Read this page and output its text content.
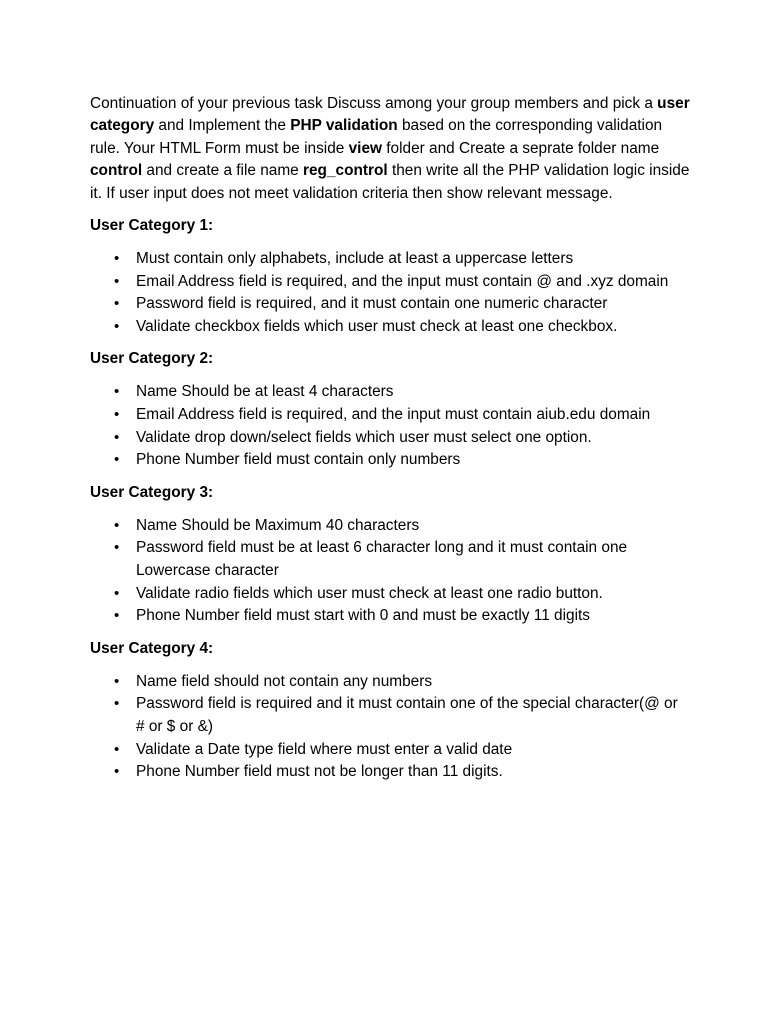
Continuation of your previous task Discuss among your group members and pick a user category and Implement the PHP validation based on the corresponding validation rule. Your HTML Form must be inside view folder and Create a seprate folder name control and create a file name reg_control then write all the PHP validation logic inside it. If user input does not meet validation criteria then show relevant message.

User Category 1:
• Must contain only alphabets, include at least a uppercase letters
• Email Address field is required, and the input must contain @ and .xyz domain
• Password field is required, and it must contain one numeric character
• Validate checkbox fields which user must check at least one checkbox.
User Category 2:
• Name Should be at least 4 characters
• Email Address field is required, and the input must contain aiub.edu domain
• Validate drop down/select fields which user must select one option.
• Phone Number field must contain only numbers
User Category 3:
• Name Should be Maximum 40 characters
• Password field must be at least 6 character long and it must contain one Lowercase character
• Validate radio fields which user must check at least one radio button.
• Phone Number field must start with 0 and must be exactly 11 digits
User Category 4:
• Name field should not contain any numbers
• Password field is required and it must contain one of the special character(@ or # or $ or &)
• Validate a Date type field where must enter a valid date
• Phone Number field must not be longer than 11 digits.
